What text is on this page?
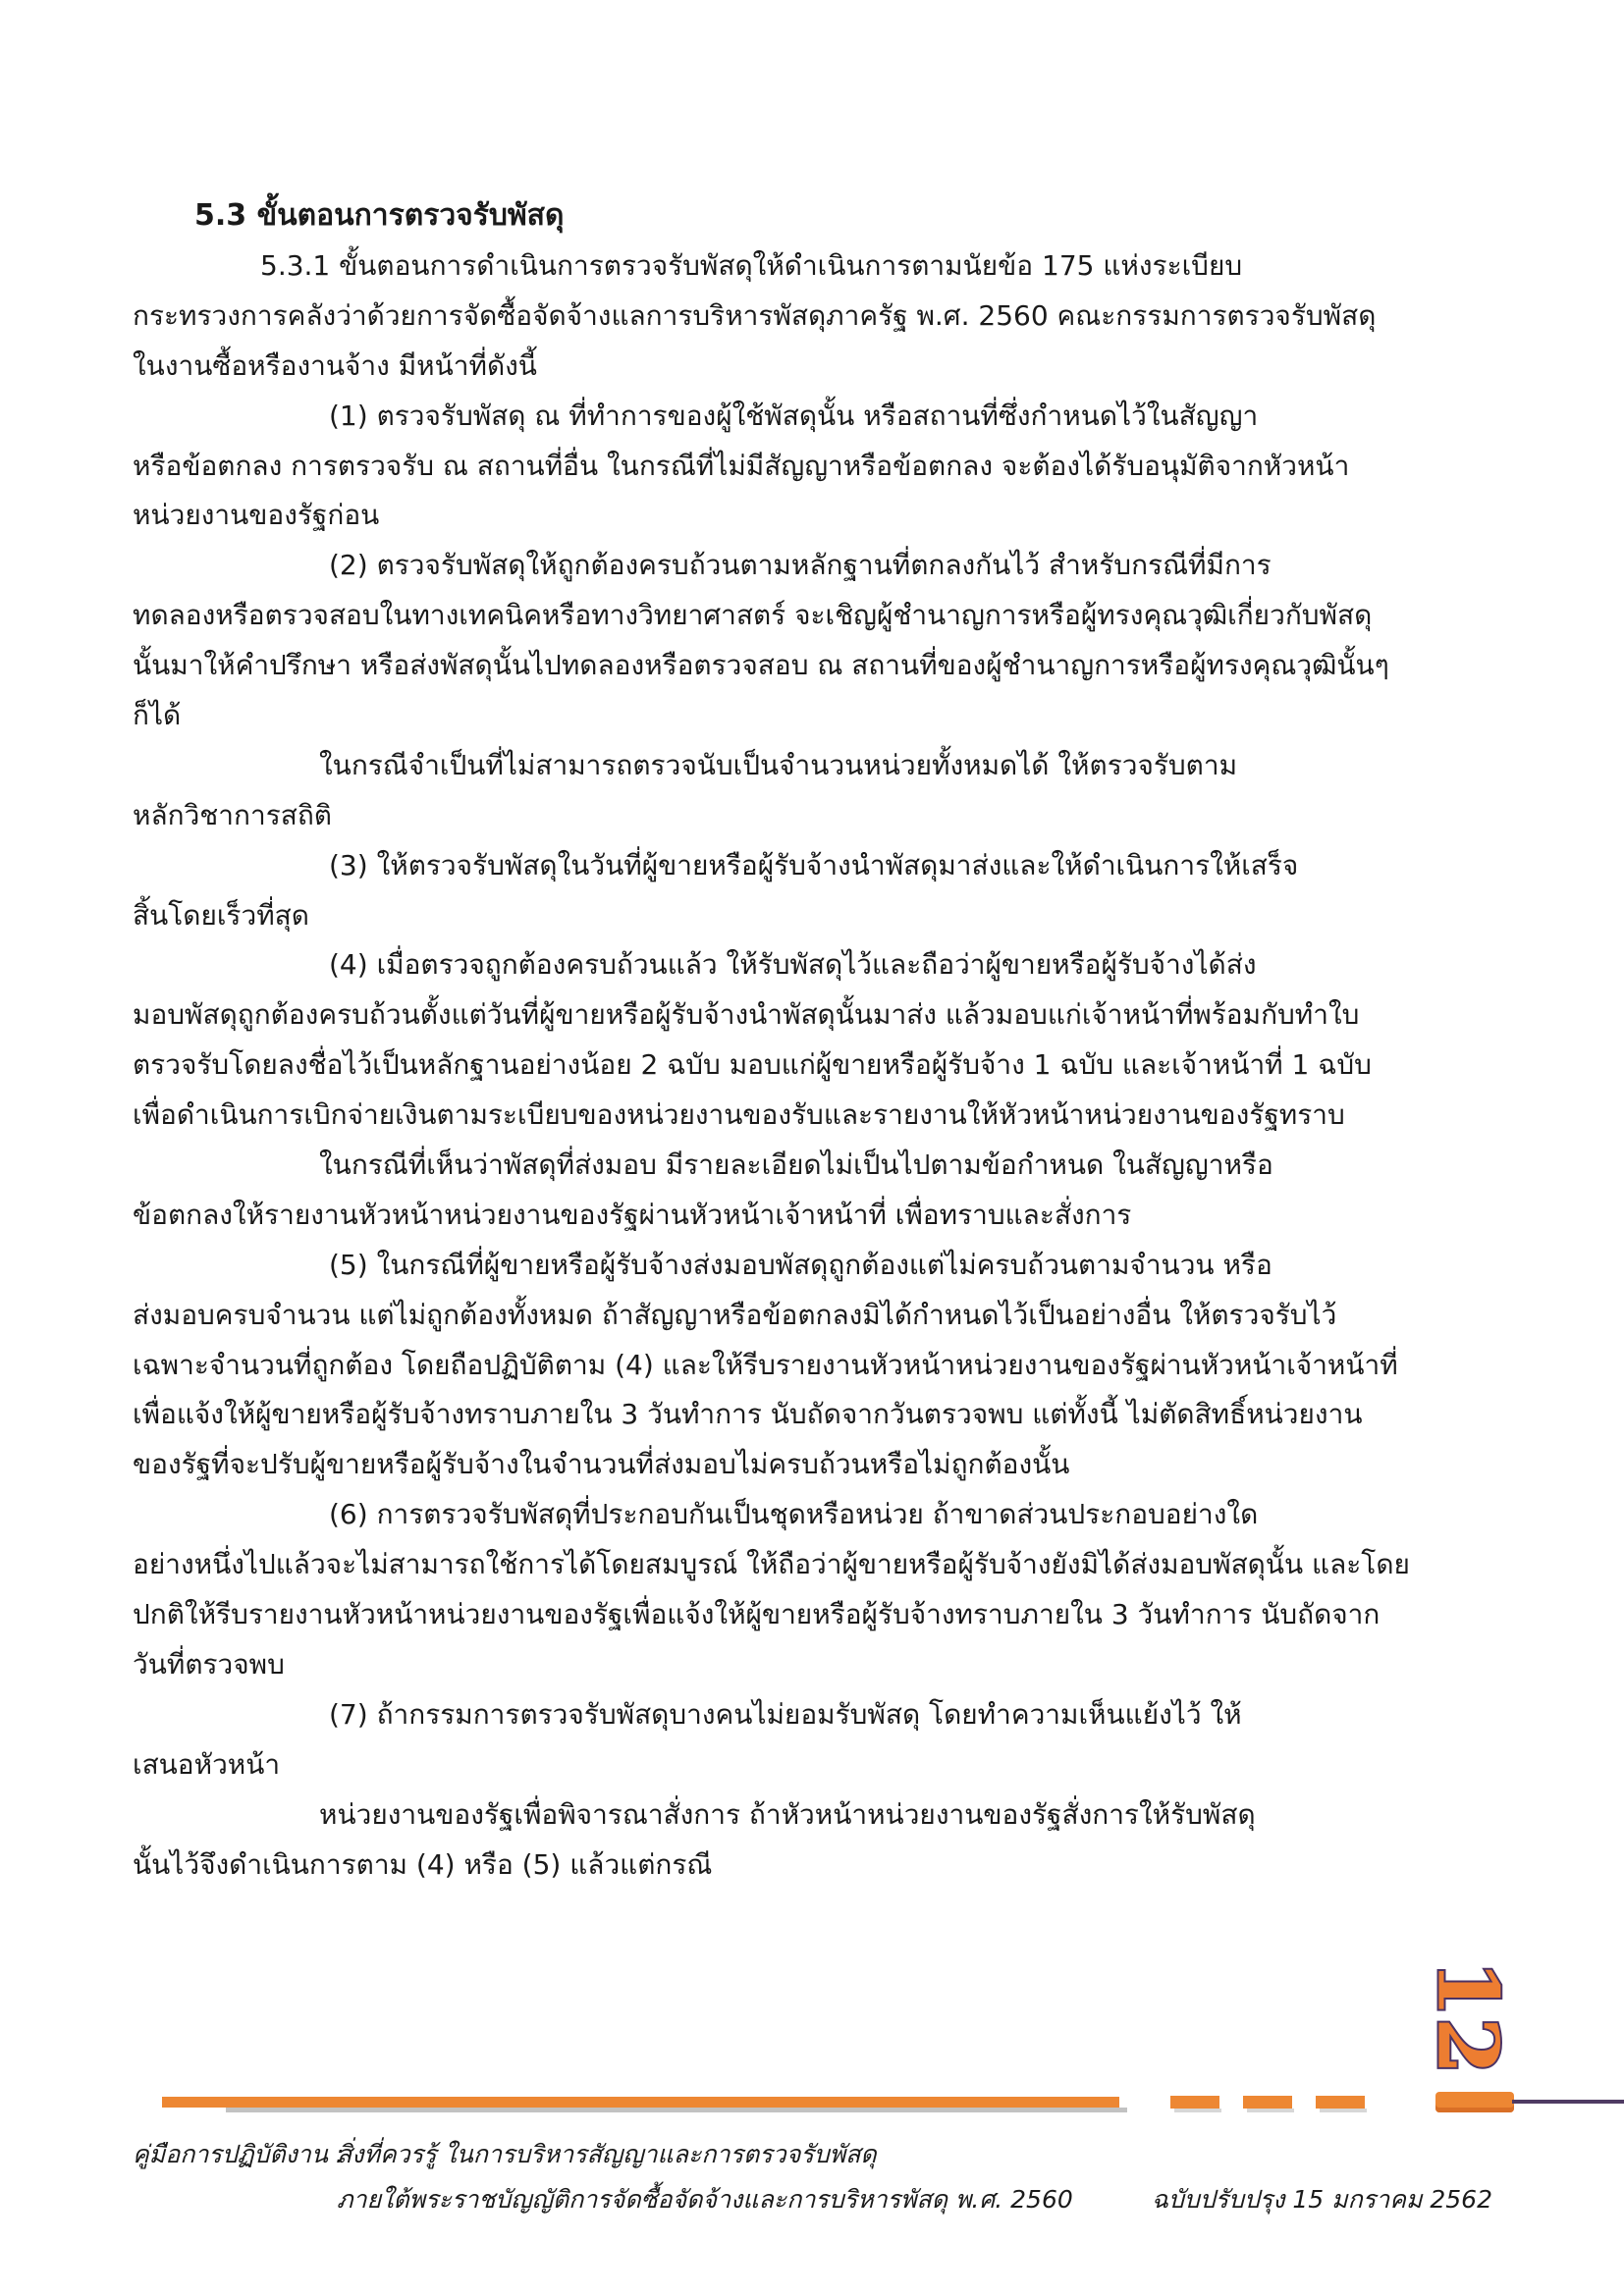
5.3 ขั้นตอนการตรวจรับพัสดุ
5.3.1 ขั้นตอนการดำเนินการตรวจรับพัสดุให้ดำเนินการตามนัยข้อ 175 แห่งระเบียบ
กระทรวงการคลังว่าด้วยการจัดซื้อจัดจ้างแลการบริหารพัสดุภาครัฐ พ.ศ. 2560 คณะกรรมการตรวจรับพัสดุ
ในงานซื้อหรืองานจ้าง มีหน้าที่ดังนี้
(1) ตรวจรับพัสดุ ณ ที่ทำการของผู้ใช้พัสดุนั้น หรือสถานที่ซึ่งกำหนดไว้ในสัญญา
หรือข้อตกลง การตรวจรับ ณ สถานที่อื่น ในกรณีที่ไม่มีสัญญาหรือข้อตกลง จะต้องได้รับอนุมัติจากหัวหน้า
หน่วยงานของรัฐก่อน
(2) ตรวจรับพัสดุให้ถูกต้องครบถ้วนตามหลักฐานที่ตกลงกันไว้ สำหรับกรณีที่มีการ
ทดลองหรือตรวจสอบในทางเทคนิคหรือทางวิทยาศาสตร์ จะเชิญผู้ชำนาญการหรือผู้ทรงคุณวุฒิเกี่ยวกับพัสดุ
นั้นมาให้คำปรึกษา หรือส่งพัสดุนั้นไปทดลองหรือตรวจสอบ ณ สถานที่ของผู้ชำนาญการหรือผู้ทรงคุณวุฒินั้นๆ
ก็ได้
ในกรณีจำเป็นที่ไม่สามารถตรวจนับเป็นจำนวนหน่วยทั้งหมดได้ ให้ตรวจรับตาม
หลักวิชาการสถิติ
(3) ให้ตรวจรับพัสดุในวันที่ผู้ขายหรือผู้รับจ้างนำพัสดุมาส่งและให้ดำเนินการให้เสร็จ
สิ้นโดยเร็วที่สุด
(4) เมื่อตรวจถูกต้องครบถ้วนแล้ว ให้รับพัสดุไว้และถือว่าผู้ขายหรือผู้รับจ้างได้ส่ง
มอบพัสดุถูกต้องครบถ้วนตั้งแต่วันที่ผู้ขายหรือผู้รับจ้างนำพัสดุนั้นมาส่ง แล้วมอบแก่เจ้าหน้าที่พร้อมกับทำใบ
ตรวจรับโดยลงชื่อไว้เป็นหลักฐานอย่างน้อย 2 ฉบับ มอบแก่ผู้ขายหรือผู้รับจ้าง 1 ฉบับ และเจ้าหน้าที่ 1 ฉบับ
เพื่อดำเนินการเบิกจ่ายเงินตามระเบียบของหน่วยงานของรับและรายงานให้หัวหน้าหน่วยงานของรัฐทราบ
ในกรณีที่เห็นว่าพัสดุที่ส่งมอบ มีรายละเอียดไม่เป็นไปตามข้อกำหนด ในสัญญาหรือ
ข้อตกลงให้รายงานหัวหน้าหน่วยงานของรัฐผ่านหัวหน้าเจ้าหน้าที่ เพื่อทราบและสั่งการ
(5) ในกรณีที่ผู้ขายหรือผู้รับจ้างส่งมอบพัสดุถูกต้องแต่ไม่ครบถ้วนตามจำนวน หรือ
ส่งมอบครบจำนวน แต่ไม่ถูกต้องทั้งหมด ถ้าสัญญาหรือข้อตกลงมิได้กำหนดไว้เป็นอย่างอื่น ให้ตรวจรับไว้
เฉพาะจำนวนที่ถูกต้อง โดยถือปฏิบัติตาม (4) และให้รีบรายงานหัวหน้าหน่วยงานของรัฐผ่านหัวหน้าเจ้าหน้าที่
เพื่อแจ้งให้ผู้ขายหรือผู้รับจ้างทราบภายใน 3 วันทำการ นับถัดจากวันตรวจพบ แต่ทั้งนี้ ไม่ตัดสิทธิ์หน่วยงาน
ของรัฐที่จะปรับผู้ขายหรือผู้รับจ้างในจำนวนที่ส่งมอบไม่ครบถ้วนหรือไม่ถูกต้องนั้น
(6) การตรวจรับพัสดุที่ประกอบกันเป็นชุดหรือหน่วย ถ้าขาดส่วนประกอบอย่างใด
อย่างหนึ่งไปแล้วจะไม่สามารถใช้การได้โดยสมบูรณ์ ให้ถือว่าผู้ขายหรือผู้รับจ้างยังมิได้ส่งมอบพัสดุนั้น และโดย
ปกติให้รีบรายงานหัวหน้าหน่วยงานของรัฐเพื่อแจ้งให้ผู้ขายหรือผู้รับจ้างทราบภายใน 3 วันทำการ นับถัดจาก
วันที่ตรวจพบ
(7) ถ้ากรรมการตรวจรับพัสดุบางคนไม่ยอมรับพัสดุ โดยทำความเห็นแย้งไว้ ให้
เสนอหัวหน้า
หน่วยงานของรัฐเพื่อพิจารณาสั่งการ ถ้าหัวหน้าหน่วยงานของรัฐสั่งการให้รับพัสดุ
นั้นไว้จึงดำเนินการตาม (4) หรือ (5) แล้วแต่กรณี
12
คู่มือการปฏิบัติงาน :
สิ่งที่ควรรู้ ในการบริหารสัญญาและการตรวจรับพัสดุ
ภายใต้พระราชบัญญัติการจัดซื้อจัดจ้างและการบริหารพัสดุ พ.ศ. 2560	ฉบับปรับปรุง 15 มกราคม 2562
